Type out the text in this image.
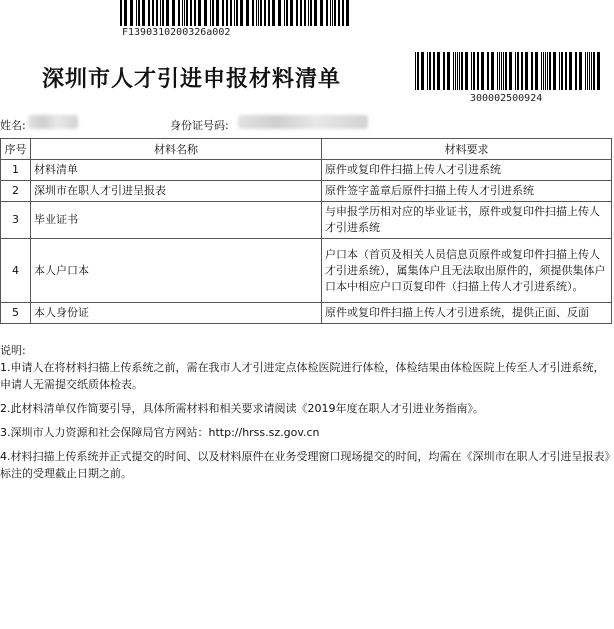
F1390310200326a002
深圳市人才引进申报材料清单
300002500924
姓名:	身份证号码:
序号	材料名称	材料要求
1	材料清单	原件或复印件扫描上传人才引进系统
2	深圳市在职人才引进呈报表	原件签字盖章后原件扫描上传人才引进系统
3	毕业证书	与申报学历相对应的毕业证书，原件或复印件扫描上传人才引进系统
4	本人户口本	户口本（首页及相关人员信息页原件或复印件扫描上传人才引进系统），属集体户且无法取出原件的，须提供集体户口本中相应户口页复印件（扫描上传人才引进系统）。
5	本人身份证	原件或复印件扫描上传人才引进系统，提供正面、反面

说明:

1.申请人在将材料扫描上传系统之前，需在我市人才引进定点体检医院进行体检，体检结果由体检医院上传至人才引进系统，申请人无需提交纸质体检表。

2.此材料清单仅作简要引导，具体所需材料和相关要求请阅读《2019年度在职人才引进业务指南》。

3.深圳市人力资源和社会保障局官方网站：http://hrss.sz.gov.cn

4.材料扫描上传系统并正式提交的时间、以及材料原件在业务受理窗口现场提交的时间，均需在《深圳市在职人才引进呈报表》标注的受理截止日期之前。
